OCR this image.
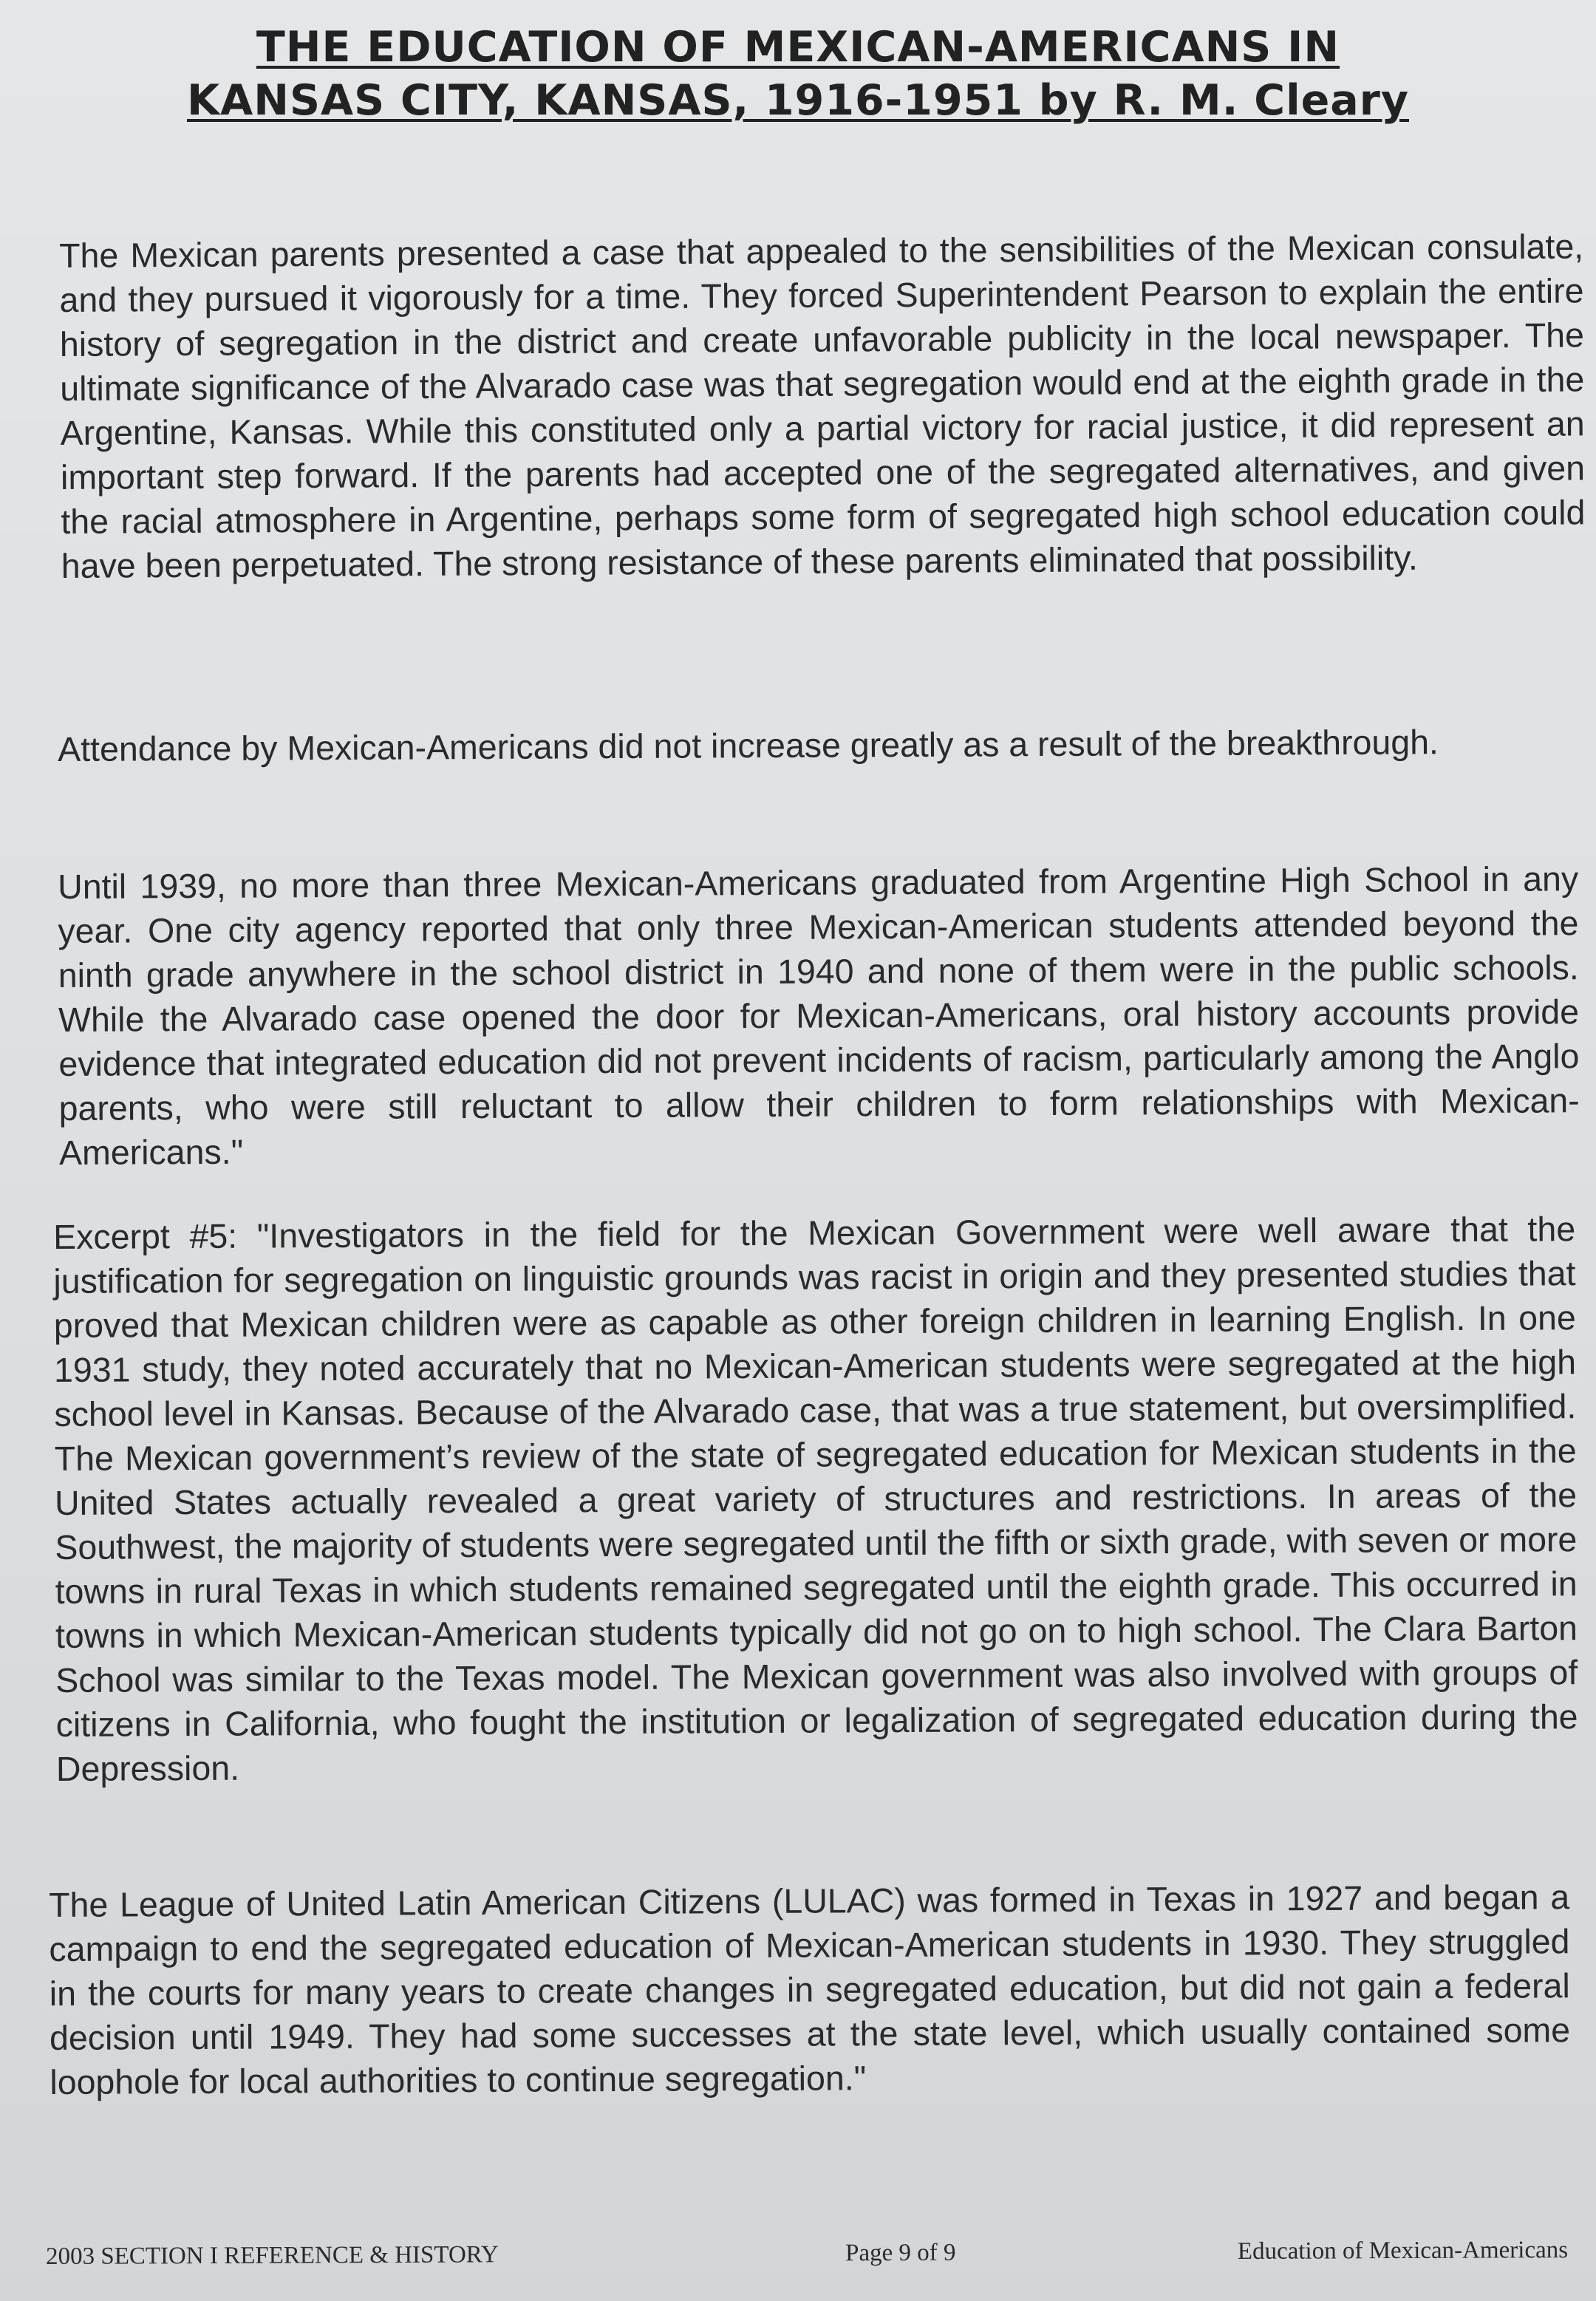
THE EDUCATION OF MEXICAN-AMERICANS IN
KANSAS CITY, KANSAS, 1916-1951 by R. M. Cleary

The Mexican parents presented a case that appealed to the sensibilities of the Mexican consulate, and they pursued it vigorously for a time. They forced Superintendent Pearson to explain the entire history of segregation in the district and create unfavorable publicity in the local newspaper. The ultimate significance of the Alvarado case was that segregation would end at the eighth grade in the Argentine, Kansas. While this constituted only a partial victory for racial justice, it did represent an important step forward. If the parents had accepted one of the segregated alternatives, and given the racial atmosphere in Argentine, perhaps some form of segregated high school education could have been perpetuated. The strong resistance of these parents eliminated that possibility.

Attendance by Mexican-Americans did not increase greatly as a result of the breakthrough.

Until 1939, no more than three Mexican-Americans graduated from Argentine High School in any year. One city agency reported that only three Mexican-American students attended beyond the ninth grade anywhere in the school district in 1940 and none of them were in the public schools. While the Alvarado case opened the door for Mexican-Americans, oral history accounts provide evidence that integrated education did not prevent incidents of racism, particularly among the Anglo parents, who were still reluctant to allow their children to form relationships with Mexican-Americans."

Excerpt #5: "Investigators in the field for the Mexican Government were well aware that the justification for segregation on linguistic grounds was racist in origin and they presented studies that proved that Mexican children were as capable as other foreign children in learning English. In one 1931 study, they noted accurately that no Mexican-American students were segregated at the high school level in Kansas. Because of the Alvarado case, that was a true statement, but oversimplified. The Mexican government’s review of the state of segregated education for Mexican students in the United States actually revealed a great variety of structures and restrictions. In areas of the Southwest, the majority of students were segregated until the fifth or sixth grade, with seven or more towns in rural Texas in which students remained segregated until the eighth grade. This occurred in towns in which Mexican-American students typically did not go on to high school. The Clara Barton School was similar to the Texas model. The Mexican government was also involved with groups of citizens in California, who fought the institution or legalization of segregated education during the Depression.

The League of United Latin American Citizens (LULAC) was formed in Texas in 1927 and began a campaign to end the segregated education of Mexican-American students in 1930. They struggled in the courts for many years to create changes in segregated education, but did not gain a federal decision until 1949. They had some successes at the state level, which usually contained some loophole for local authorities to continue segregation."

2003 SECTION I REFERENCE & HISTORY	Page 9 of 9	Education of Mexican-Americans
